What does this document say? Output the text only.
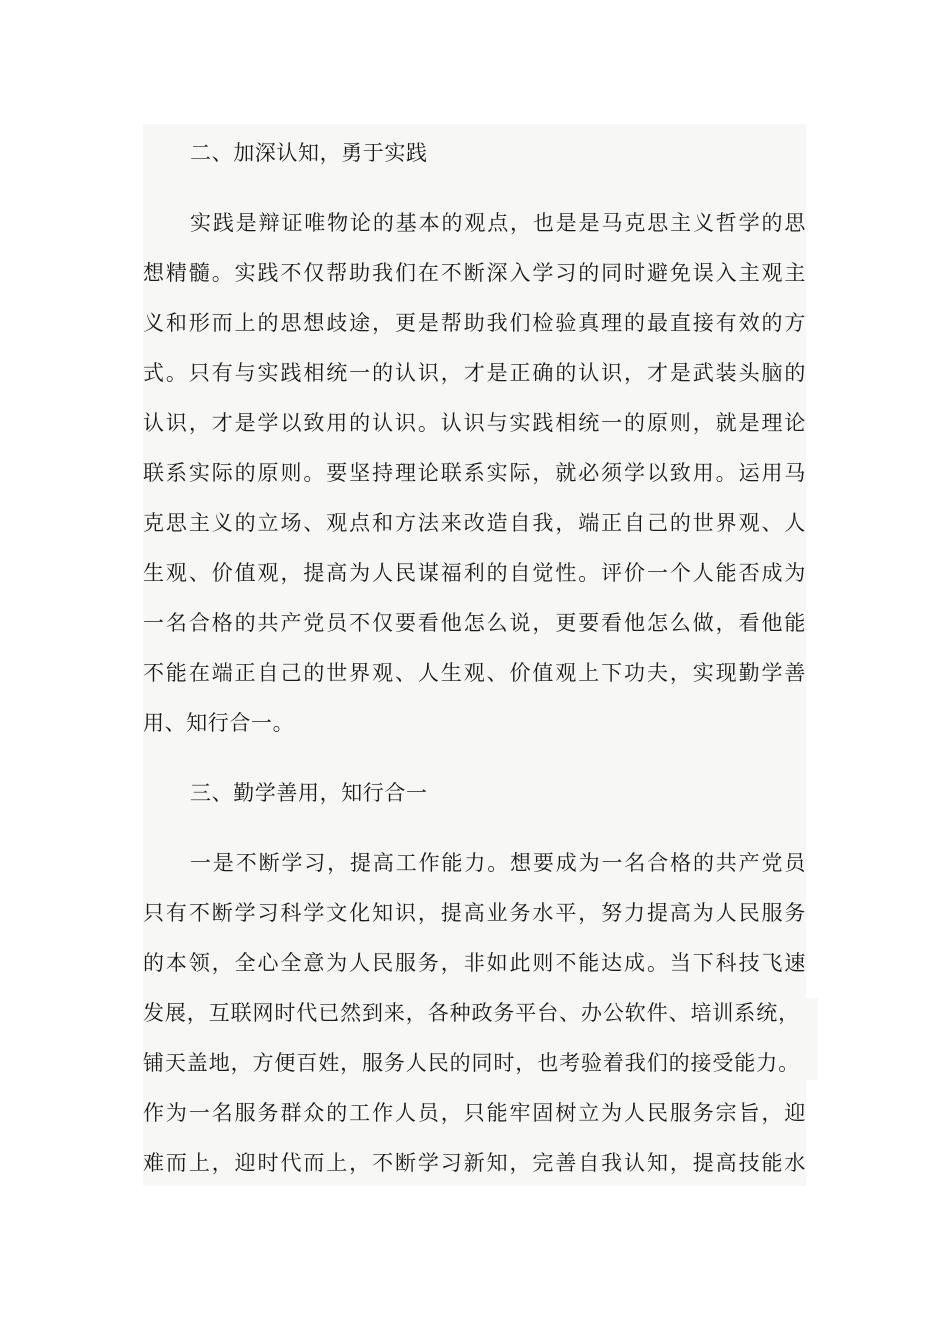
二、加深认知，勇于实践
实践是辩证唯物论的基本的观点，也是是马克思主义哲学的思
想精髓。实践不仅帮助我们在不断深入学习的同时避免误入主观主
义和形而上的思想歧途，更是帮助我们检验真理的最直接有效的方
式。只有与实践相统一的认识，才是正确的认识，才是武装头脑的
认识，才是学以致用的认识。认识与实践相统一的原则，就是理论
联系实际的原则。要坚持理论联系实际，就必须学以致用。运用马
克思主义的立场、观点和方法来改造自我，端正自己的世界观、人
生观、价值观，提高为人民谋福利的自觉性。评价一个人能否成为
一名合格的共产党员不仅要看他怎么说，更要看他怎么做，看他能
不能在端正自己的世界观、人生观、价值观上下功夫，实现勤学善
用、知行合一。
三、勤学善用，知行合一
一是不断学习，提高工作能力。想要成为一名合格的共产党员
只有不断学习科学文化知识，提高业务水平，努力提高为人民服务
的本领，全心全意为人民服务，非如此则不能达成。当下科技飞速
发展，互联网时代已然到来，各种政务平台、办公软件、培训系统，
铺天盖地，方便百姓，服务人民的同时，也考验着我们的接受能力。
作为一名服务群众的工作人员，只能牢固树立为人民服务宗旨，迎
难而上，迎时代而上，不断学习新知，完善自我认知，提高技能水
